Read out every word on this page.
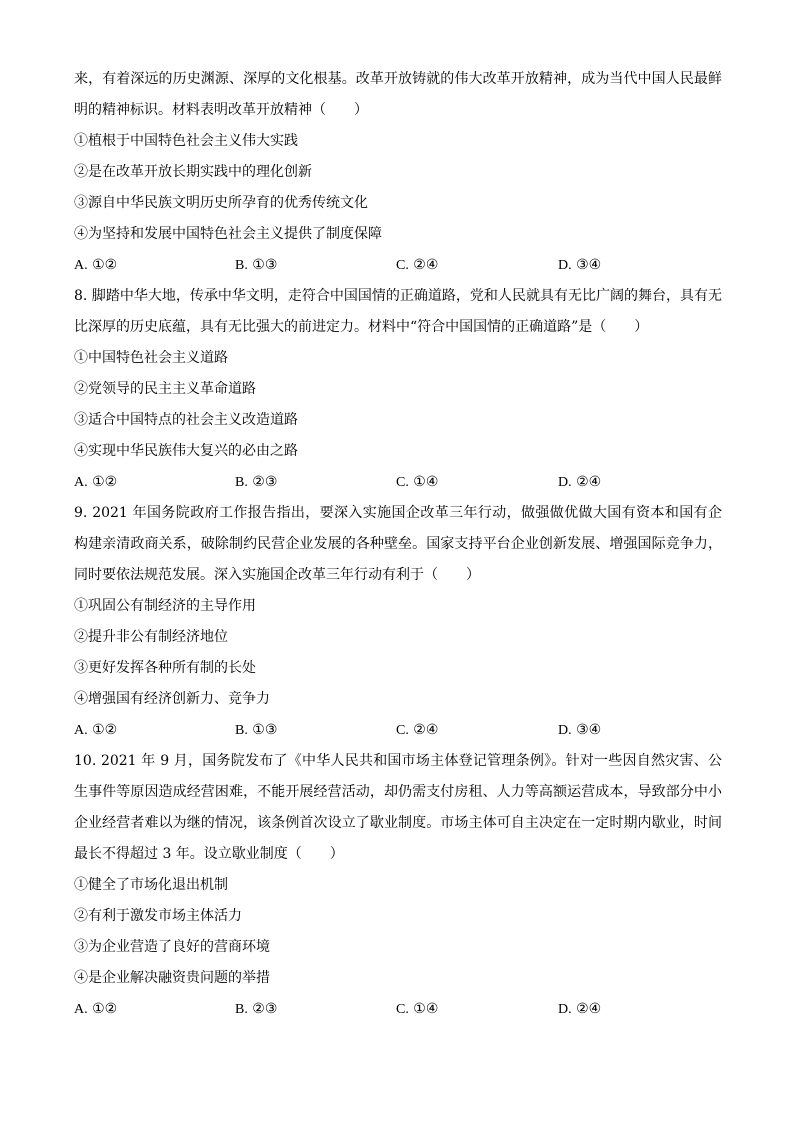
来，有着深远的历史渊源、深厚的文化根基。改革开放铸就的伟大改革开放精神，成为当代中国人民最鲜
明的精神标识。材料表明改革开放精神（　　）
①植根于中国特色社会主义伟大实践
②是在改革开放长期实践中的理化创新
③源自中华民族文明历史所孕育的优秀传统文化
④为坚持和发展中国特色社会主义提供了制度保障
A. ①②	B. ①③	C. ②④	D. ③④
8. 脚踏中华大地，传承中华文明，走符合中国国情的正确道路，党和人民就具有无比广阔的舞台，具有无
比深厚的历史底蕴，具有无比强大的前进定力。材料中“符合中国国情的正确道路”是（　　）
①中国特色社会主义道路
②党领导的民主主义革命道路
③适合中国特点的社会主义改造道路
④实现中华民族伟大复兴的必由之路
A. ①②	B. ②③	C. ①④	D. ②④
9. 2021 年国务院政府工作报告指出，要深入实施国企改革三年行动，做强做优做大国有资本和国有企
构建亲清政商关系，破除制约民营企业发展的各种壁垒。国家支持平台企业创新发展、增强国际竞争力，
同时要依法规范发展。深入实施国企改革三年行动有利于（　　）
①巩固公有制经济的主导作用
②提升非公有制经济地位
③更好发挥各种所有制的长处
④增强国有经济创新力、竞争力
A. ①②	B. ①③	C. ②④	D. ③④
10. 2021 年 9 月，国务院发布了《中华人民共和国市场主体登记管理条例》。针对一些因自然灾害、公
生事件等原因造成经营困难，不能开展经营活动，却仍需支付房租、人力等高额运营成本，导致部分中小
企业经营者难以为继的情况，该条例首次设立了歇业制度。市场主体可自主决定在一定时期内歇业，时间
最长不得超过 3 年。设立歇业制度（　　）
①健全了市场化退出机制
②有利于激发市场主体活力
③为企业营造了良好的营商环境
④是企业解决融资贵问题的举措
A. ①②	B. ②③	C. ①④	D. ②④
